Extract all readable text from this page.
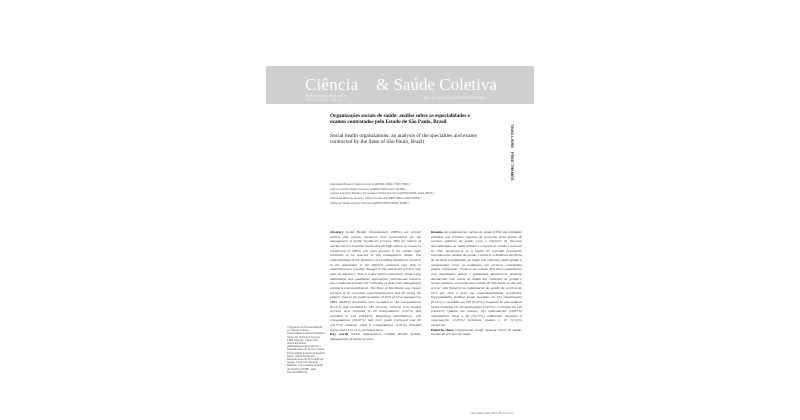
Ciência & Saúde Coletiva
cienciaesaudecoletiva.com.br
ISSN 1413-8123. v.28 n.6	DOI: 10.1590/1413-81232023286.00000000
TEMA LIVRE
FREE THEMES
Organizações sociais de saúde: análise sobre as especialidades e exames contratados pelo Estado de São Paulo, Brasil
Social health organizations: an analysis of the specialties and exams contracted by the State of São Paulo, Brazil
Gabriella Bigocci (https://orcid.org/0000-0002-7728-7839) ¹
Franco Sodré (https://orcid.org/0000-0003-4077-9788) ²
Leticia Forcioni Martins Fernandes (https://orcid.org/0000-0003-4113-4817) ¹
Gabriella Barreto Soares (https://orcid.org/0000-0002-1202-9159) ¹
Fabiana Tavitus (https://orcid.org/0000-0002-5291-3336) ¹
Abstract Social Health Organizations (SHOs) are private entities that receive resources from governments for the management of public healthcare services. With the history of market interest in public health and the high volume of resources transferred to SHOs, one must question if the market logic continues to be inserted in this management model. The understanding of the dynamics of providing healthcare services to the population in the different contracts may help to understand how possible changes in the contracted services may have an influence. This is a descriptive-exploratory study using quantitative and qualitative approaches. Documental research was conducted through the collection of data from management contracts and amendments. The State of São Paulo was chosen because of its economic representativeness and for being the pioneer state in the implementation of SUS services managed by SHO. Medical specialties were included in 164 renegotiations (6.14%) and excluded in 187 (6.24%), whereas tests studied services were included in 20 renegotiations (2.87%) and excluded in 146 (18.44%). Regarding examinations, 100 renegotiations (16.07%) had their goals increased and 60 (10.77%) reduced, while 8 renegotiations (1.07%) included exams and 13 (2.14%) excluded them.
Key words Social organization, Unified Health System, Management of health services
Resumo As organizações sociais de saúde (OSS) são entidades privadas que recebem repasses de governos para gestão de serviços públicos de saúde. Com o histórico de interesse mercadológico na saúde pública e o aporte de volumes recursos às OSS, questiona-se se a lógica de mercado permanece inserida nesse modelo de gestão. Conhecer a dinâmica da oferta de serviços à população ao longo dos contratos pode ajudar a compreender como as mudanças nos serviços contratados podem influenciar. Trata-se de estudo descritivo-exploratório com abordagens quanti e qualitativa. Realizou-se pesquisa documental com coleta de dados dos contratos de gestão e termos aditivos. A escolha pelo estado de São Paulo se deu por seu ter sido pioneiro na implantação da gestão de serviços do SUS por OSS e pela sua representatividade econômica. Especialidades médicas foram incluídas em 164 repactuações (6,14%) e excluídas em 187 (6,24%), enquanto as não médicas foram incluídas em 20 repactuações (2,87%) e excluídas em 146 (18,44%). Quanto aos exames, 101 repactuações (16,07%) aumentaram metas e 60 (10,77%) reduziram; enquanto 8 repactuações (1,07%) incluíram exames e 13 (2,14%) excluíram.
Palavras-chave Organização social, Sistema Único de Saúde, Gestão de serviços de saúde
¹ Programa de Pós-Graduação em Saúde Coletiva, Universidade Federal do Espírito Santo. Av. Marechal Campos 1468, Maruípe. 29047-105 Vitória ES Brasil. gabriellabigocci@gmail.com ² Departamento de Serviço Social, Universidade Federal do Espírito Santo. Vitória ES Brasil. ³ Departamento de Promoção da Saúde, Centro de Ciências Médicas, Universidade Federal da Paraíba (UFPB). João Pessoa PB Brasil.
Cien Saude Colet 2023; 28:xxxx-xxxx
